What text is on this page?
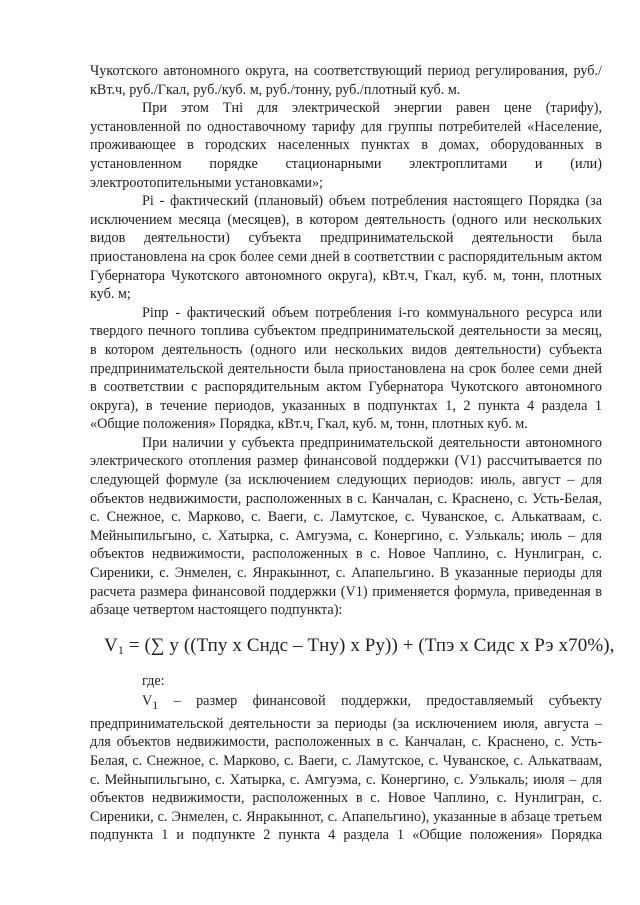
Чукотского автономного округа, на соответствующий период регулирования, руб./кВт.ч, руб./Гкал, руб./куб. м, руб./тонну, руб./плотный куб. м.

При этом Тнi для электрической энергии равен цене (тарифу), установленной по одноставочному тарифу для группы потребителей «Население, проживающее в городских населенных пунктах в домах, оборудованных в установленном порядке стационарными электроплитами и (или) электроотопительными установками»;

Pi - фактический (плановый) объем потребления настоящего Порядка (за исключением месяца (месяцев), в котором деятельность (одного или нескольких видов деятельности) субъекта предпринимательской деятельности была приостановлена на срок более семи дней в соответствии с распорядительным актом Губернатора Чукотского автономного округа), кВт.ч, Гкал, куб. м, тонн, плотных куб. м;

Piпр - фактический объем потребления i-го коммунального ресурса или твердого печного топлива субъектом предпринимательской деятельности за месяц, в котором деятельность (одного или нескольких видов деятельности) субъекта предпринимательской деятельности была приостановлена на срок более семи дней в соответствии с распорядительным актом Губернатора Чукотского автономного округа), в течение периодов, указанных в подпунктах 1, 2 пункта 4 раздела 1 «Общие положения» Порядка, кВт.ч, Гкал, куб. м, тонн, плотных куб. м.

При наличии у субъекта предпринимательской деятельности автономного электрического отопления размер финансовой поддержки (V1) рассчитывается по следующей формуле (за исключением следующих периодов: июль, август – для объектов недвижимости, расположенных в с. Канчалан, с. Краснено, с. Усть-Белая, с. Снежное, с. Марково, с. Ваеги, с. Ламутское, с. Чуванское, с. Алькатваам, с. Мейныпильгыно, с. Хатырка, с. Амгуэма, с. Конергино, с. Уэлькаль; июль – для объектов недвижимости, расположенных в с. Новое Чаплино, с. Нунлигран, с. Сиреники, с. Энмелен, с. Янракыннот, с. Апапельгино. В указанные периоды для расчета размера финансовой поддержки (V1) применяется формула, приведенная в абзаце четвертом настоящего подпункта):

$V_1$ = (∑ у ((Тпу х Сндс – Тну) х Ру)) + (Тпэ х Сидс х Рэ х70%),

где:

$V_1$ – размер финансовой поддержки, предоставляемый субъекту предпринимательской деятельности за периоды (за исключением июля, августа – для объектов недвижимости, расположенных в с. Канчалан, с. Краснено, с. Усть-Белая, с. Снежное, с. Марково, с. Ваеги, с. Ламутское, с. Чуванское, с. Алькатваам, с. Мейныпильгыно, с. Хатырка, с. Амгуэма, с. Конергино, с. Уэлькаль; июля – для объектов недвижимости, расположенных в с. Новое Чаплино, с. Нунлигран, с. Сиреники, с. Энмелен, с. Янракыннот, с. Апапельгино), указанные в абзаце третьем подпункта 1 и подпункте 2 пункта 4 раздела 1 «Общие положения» Порядка
